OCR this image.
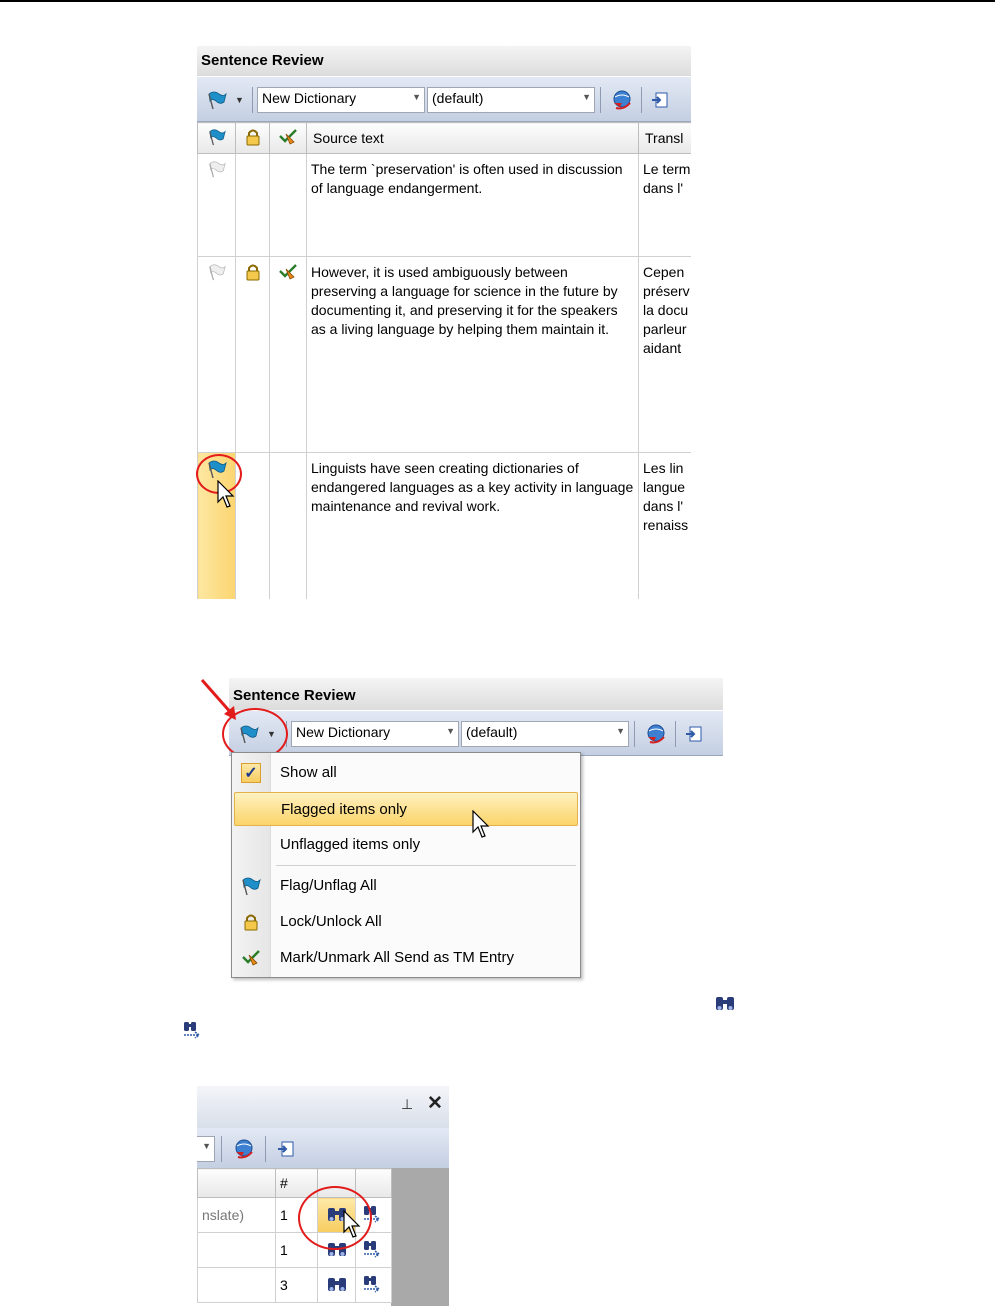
Sentence Review
▼	New Dictionary	▼ (default)	▼
			Source text	Transl
			The term `preservation' is often used in discussion of language endangerment.	Le term
dans l'

			However, it is used ambiguously between preserving a language for science in the future by documenting it, and preserving it for the speakers as a living language by helping them maintain it.	Cepen
préserv
la docu
parleur
aidant

			Linguists have seen creating dictionaries of endangered languages as a key activity in language maintenance and revival work.	Les lin
langue
dans l'
renaiss
Sentence Review
▼	New Dictionary	▼ (default)	▼
✓ Show all
Flagged items only
Unflagged items only
Flag/Unflag All
Lock/Unlock All
Mark/Unmark All Send as TM Entry
⊥ ✕
▼
	#		
nslate)	1		
	1		
	3		
